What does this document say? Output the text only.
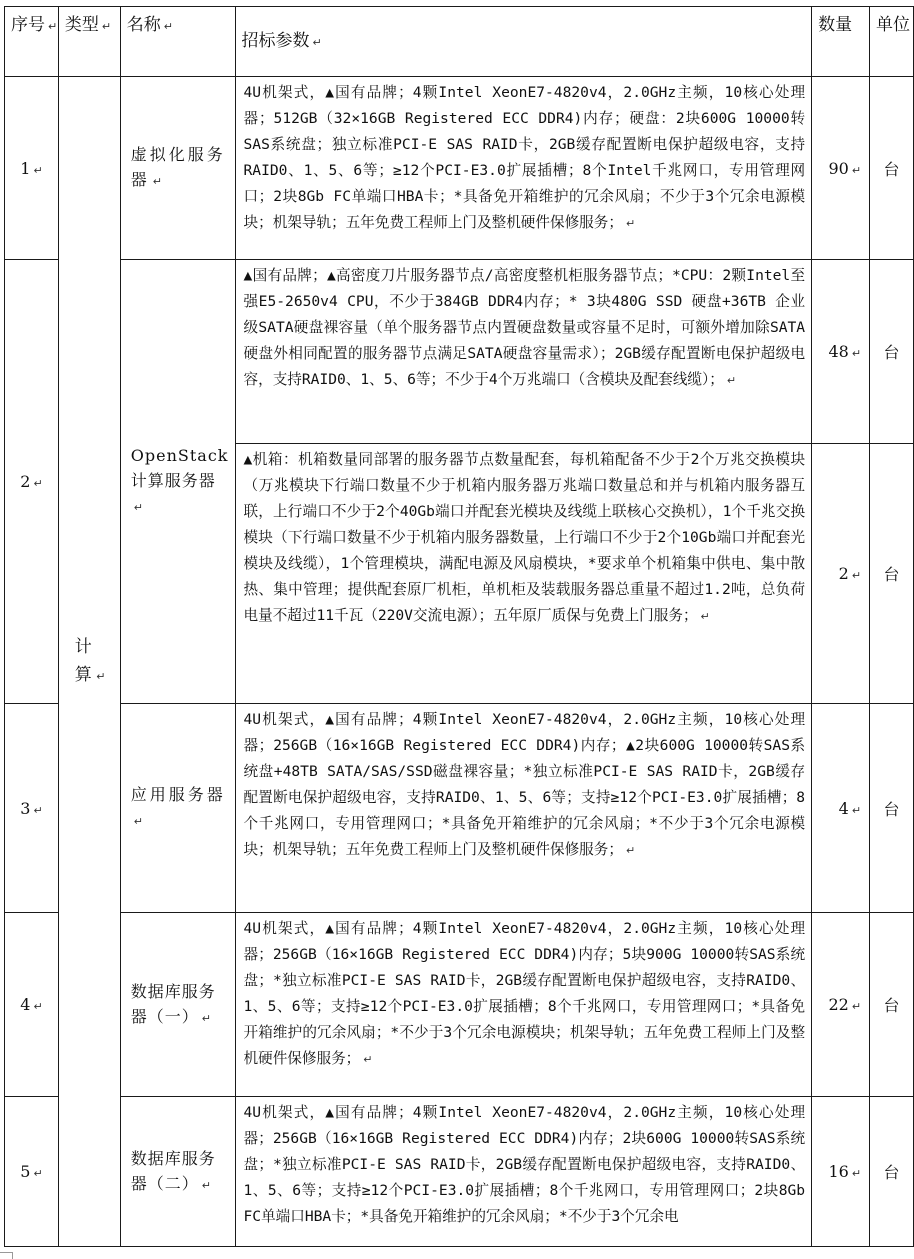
序号 ↵	类型 ↵	名称 ↵	招标参数 ↵	数量	单位
1 ↵	计算 ↵	虚拟化服务器 ↵	4U机架式，▲国有品牌；4颗Intel XeonE7-4820v4，2.0GHz主频，10核心处理器；512GB（32×16GB Registered ECC DDR4)内存；硬盘：2块600G 10000转SAS系统盘；独立标准PCI-E SAS RAID卡，2GB缓存配置断电保护超级电容，支持RAID0、1、5、6等；≥12个PCI-E3.0扩展插槽；8个Intel千兆网口，专用管理网口；2块8Gb FC单端口HBA卡；*具备免开箱维护的冗余风扇；不少于3个冗余电源模块；机架导轨；五年免费工程师上门及整机硬件保修服务； ↵	90 ↵	台
2 ↵		OpenStack计算服务器↵	▲国有品牌；▲高密度刀片服务器节点/高密度整机柜服务器节点；*CPU：2颗Intel至强E5-2650v4 CPU，不少于384GB DDR4内存；* 3块480G SSD 硬盘+36TB 企业级SATA硬盘裸容量（单个服务器节点内置硬盘数量或容量不足时，可额外增加除SATA硬盘外相同配置的服务器节点满足SATA硬盘容量需求）；2GB缓存配置断电保护超级电容，支持RAID0、1、5、6等；不少于4个万兆端口（含模块及配套线缆）； ↵	48 ↵	台
			▲机箱：机箱数量同部署的服务器节点数量配套，每机箱配备不少于2个万兆交换模块（万兆模块下行端口数量不少于机箱内服务器万兆端口数量总和并与机箱内服务器互联，上行端口不少于2个40Gb端口并配套光模块及线缆上联核心交换机），1个千兆交换模块（下行端口数量不少于机箱内服务器数量，上行端口不少于2个10Gb端口并配套光模块及线缆），1个管理模块，满配电源及风扇模块，*要求单个机箱集中供电、集中散热、集中管理；提供配套原厂机柜，单机柜及装载服务器总重量不超过1.2吨，总负荷电量不超过11千瓦（220V交流电源）；五年原厂质保与免费上门服务； ↵	2 ↵	台
3 ↵		应用服务器↵	4U机架式，▲国有品牌；4颗Intel XeonE7-4820v4，2.0GHz主频，10核心处理器；256GB（16×16GB Registered ECC DDR4)内存；▲2块600G 10000转SAS系统盘+48TB SATA/SAS/SSD磁盘裸容量；*独立标准PCI-E SAS RAID卡，2GB缓存配置断电保护超级电容，支持RAID0、1、5、6等；支持≥12个PCI-E3.0扩展插槽；8个千兆网口，专用管理网口；*具备免开箱维护的冗余风扇；*不少于3个冗余电源模块；机架导轨；五年免费工程师上门及整机硬件保修服务； ↵	4 ↵	台
4 ↵		数据库服务器（一） ↵	4U机架式，▲国有品牌；4颗Intel XeonE7-4820v4，2.0GHz主频，10核心处理器；256GB（16×16GB Registered ECC DDR4)内存；5块900G 10000转SAS系统盘；*独立标准PCI-E SAS RAID卡，2GB缓存配置断电保护超级电容，支持RAID0、1、5、6等；支持≥12个PCI-E3.0扩展插槽；8个千兆网口，专用管理网口；*具备免开箱维护的冗余风扇；*不少于3个冗余电源模块；机架导轨；五年免费工程师上门及整机硬件保修服务； ↵	22 ↵	台
5 ↵		数据库服务器（二） ↵	4U机架式，▲国有品牌；4颗Intel XeonE7-4820v4，2.0GHz主频，10核心处理器；256GB（16×16GB Registered ECC DDR4)内存；2块600G 10000转SAS系统盘；*独立标准PCI-E SAS RAID卡，2GB缓存配置断电保护超级电容，支持RAID0、1、5、6等；支持≥12个PCI-E3.0扩展插槽；8个千兆网口，专用管理网口；2块8Gb FC单端口HBA卡；*具备免开箱维护的冗余风扇；*不少于3个冗余电	16 ↵	台
